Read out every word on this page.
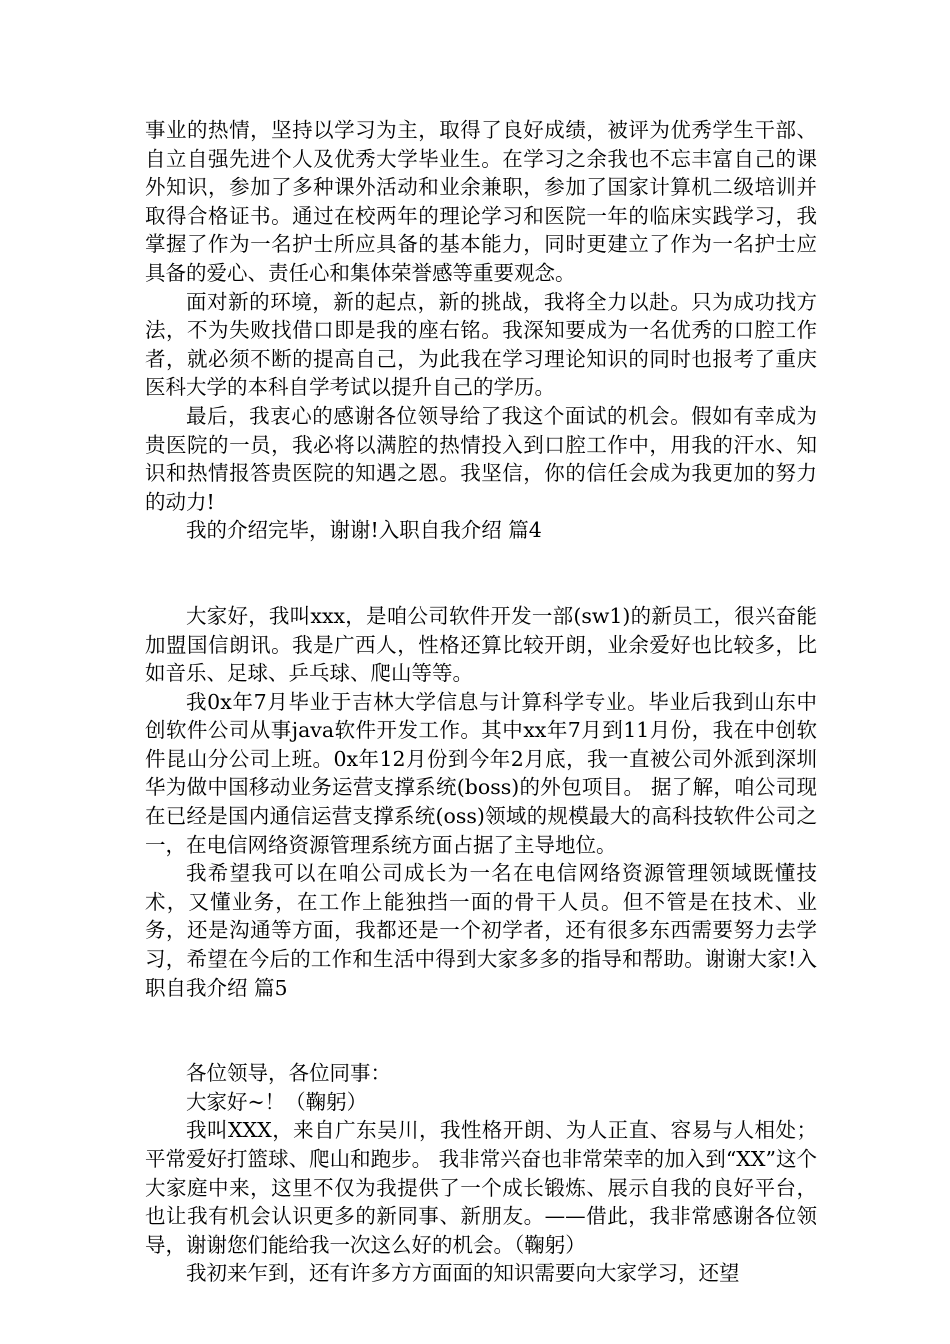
事业的热情，坚持以学习为主，取得了良好成绩，被评为优秀学生干部、自立自强先进个人及优秀大学毕业生。在学习之余我也不忘丰富自己的课外知识，参加了多种课外活动和业余兼职，参加了国家计算机二级培训并取得合格证书。通过在校两年的理论学习和医院一年的临床实践学习，我掌握了作为一名护士所应具备的基本能力，同时更建立了作为一名护士应具备的爱心、责任心和集体荣誉感等重要观念。

面对新的环境，新的起点，新的挑战，我将全力以赴。只为成功找方法，不为失败找借口即是我的座右铭。我深知要成为一名优秀的口腔工作者，就必须不断的提高自己，为此我在学习理论知识的同时也报考了重庆医科大学的本科自学考试以提升自己的学历。

最后，我衷心的感谢各位领导给了我这个面试的机会。假如有幸成为贵医院的一员，我必将以满腔的热情投入到口腔工作中，用我的汗水、知识和热情报答贵医院的知遇之恩。我坚信，你的信任会成为我更加的努力的动力!

我的介绍完毕，谢谢!入职自我介绍 篇4

大家好，我叫xxx，是咱公司软件开发一部(sw1)的新员工，很兴奋能加盟国信朗讯。我是广西人，性格还算比较开朗，业余爱好也比较多，比如音乐、足球、乒乓球、爬山等等。

我0x年7月毕业于吉林大学信息与计算科学专业。毕业后我到山东中创软件公司从事java软件开发工作。其中xx年7月到11月份，我在中创软件昆山分公司上班。0x年12月份到今年2月底，我一直被公司外派到深圳华为做中国移动业务运营支撑系统(boss)的外包项目。 据了解，咱公司现在已经是国内通信运营支撑系统(oss)领域的规模最大的高科技软件公司之一，在电信网络资源管理系统方面占据了主导地位。

我希望我可以在咱公司成长为一名在电信网络资源管理领域既懂技术，又懂业务，在工作上能独挡一面的骨干人员。但不管是在技术、业务，还是沟通等方面，我都还是一个初学者，还有很多东西需要努力去学习，希望在今后的工作和生活中得到大家多多的指导和帮助。谢谢大家!入职自我介绍 篇5

各位领导，各位同事：

大家好~！（鞠躬）

我叫XXX，来自广东吴川，我性格开朗、为人正直、容易与人相处；平常爱好打篮球、爬山和跑步。 我非常兴奋也非常荣幸的加入到“XX”这个大家庭中来，这里不仅为我提供了一个成长锻炼、展示自我的良好平台，也让我有机会认识更多的新同事、新朋友。——借此，我非常感谢各位领导，谢谢您们能给我一次这么好的机会。（鞠躬）

我初来乍到，还有许多方方面面的知识需要向大家学习，还望
